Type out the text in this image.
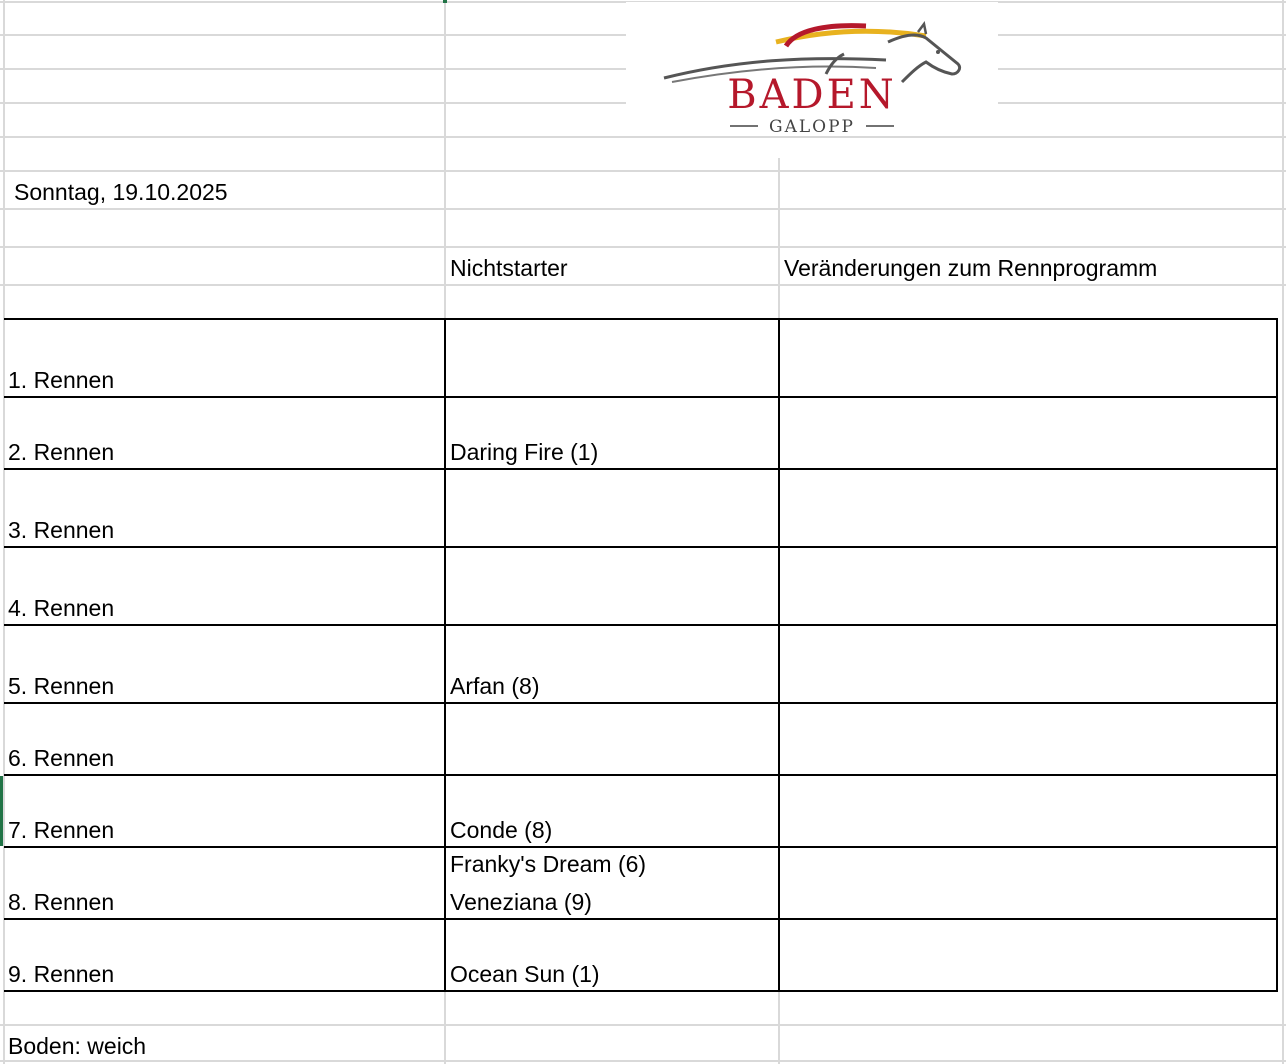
BADEN
GALOPP
Sonntag, 19.10.2025
Nichtstarter	Veränderungen zum Rennprogramm
1. Rennen
2. Rennen
3. Rennen
4. Rennen
5. Rennen
6. Rennen
7. Rennen
8. Rennen
9. Rennen
Daring Fire (1)
Arfan (8)
Conde (8)
Franky's Dream (6)
Veneziana (9)
Ocean Sun (1)
Boden: weich
